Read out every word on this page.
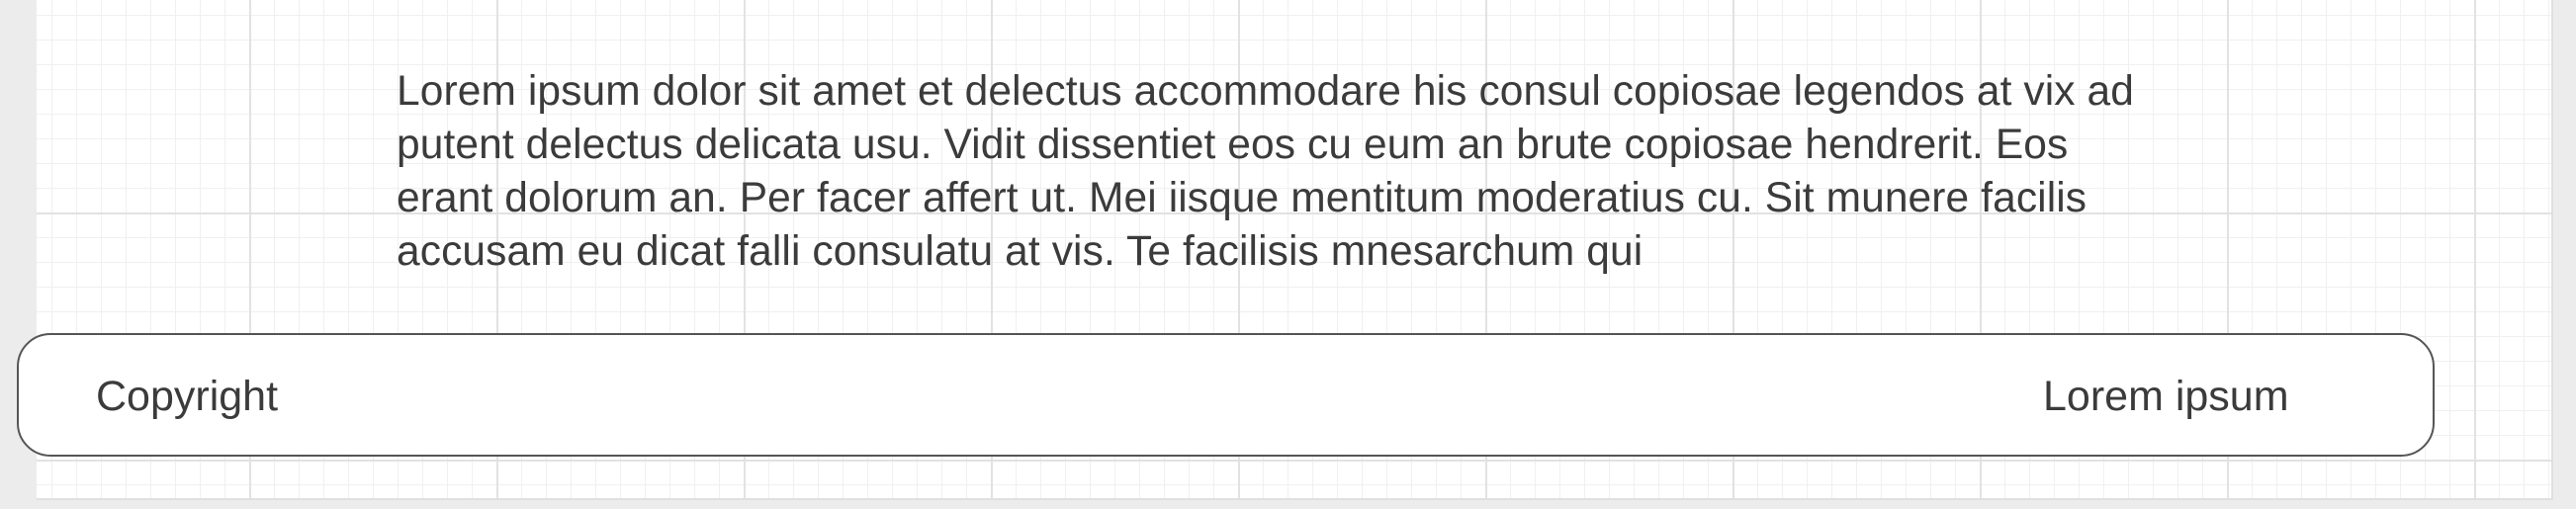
Lorem ipsum dolor sit amet et delectus accommodare his consul copiosae legendos at vix ad putent delectus delicata usu. Vidit dissentiet eos cu eum an brute copiosae hendrerit. Eos erant dolorum an. Per facer affert ut. Mei iisque mentitum moderatius cu. Sit munere facilis accusam eu dicat falli consulatu at vis. Te facilisis mnesarchum qui

Copyright	Lorem ipsum
